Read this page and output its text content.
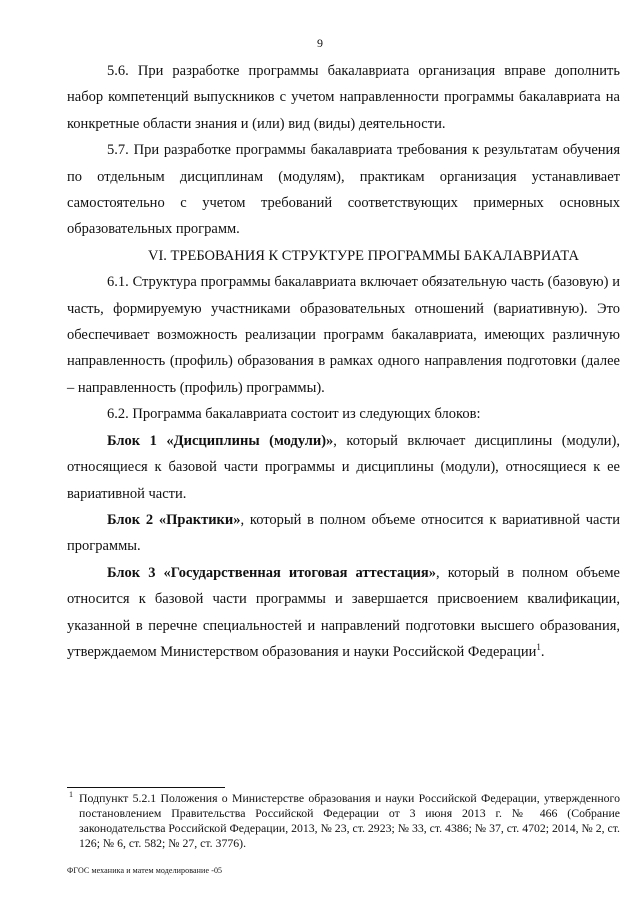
9

5.6. При разработке программы бакалавриата организация вправе дополнить набор компетенций выпускников с учетом направленности программы бакалавриата на конкретные области знания и (или) вид (виды) деятельности.

5.7. При разработке программы бакалавриата требования к результатам обучения по отдельным дисциплинам (модулям), практикам организация устанавливает самостоятельно с учетом требований соответствующих примерных основных образовательных программ.

VI. ТРЕБОВАНИЯ К СТРУКТУРЕ ПРОГРАММЫ БАКАЛАВРИАТА

6.1. Структура программы бакалавриата включает обязательную часть (базовую) и часть, формируемую участниками образовательных отношений (вариативную). Это обеспечивает возможность реализации программ бакалавриата, имеющих различную направленность (профиль) образования в рамках одного направления подготовки (далее – направленность (профиль) программы).

6.2. Программа бакалавриата состоит из следующих блоков:

Блок 1 «Дисциплины (модули)», который включает дисциплины (модули), относящиеся к базовой части программы и дисциплины (модули), относящиеся к ее вариативной части.

Блок 2 «Практики», который в полном объеме относится к вариативной части программы.

Блок 3 «Государственная итоговая аттестация», который в полном объеме относится к базовой части программы и завершается присвоением квалификации, указанной в перечне специальностей и направлений подготовки высшего образования, утверждаемом Министерством образования и науки Российской Федерации$^1$.

1 Подпункт 5.2.1 Положения о Министерстве образования и науки Российской Федерации, утвержденного постановлением Правительства Российской Федерации от 3 июня 2013 г. № 466 (Собрание законодательства Российской Федерации, 2013, № 23, ст. 2923; № 33, ст. 4386; № 37, ст. 4702; 2014, № 2, ст. 126; № 6, ст. 582; № 27, ст. 3776).
ФГОС механика и матем моделирование -05
